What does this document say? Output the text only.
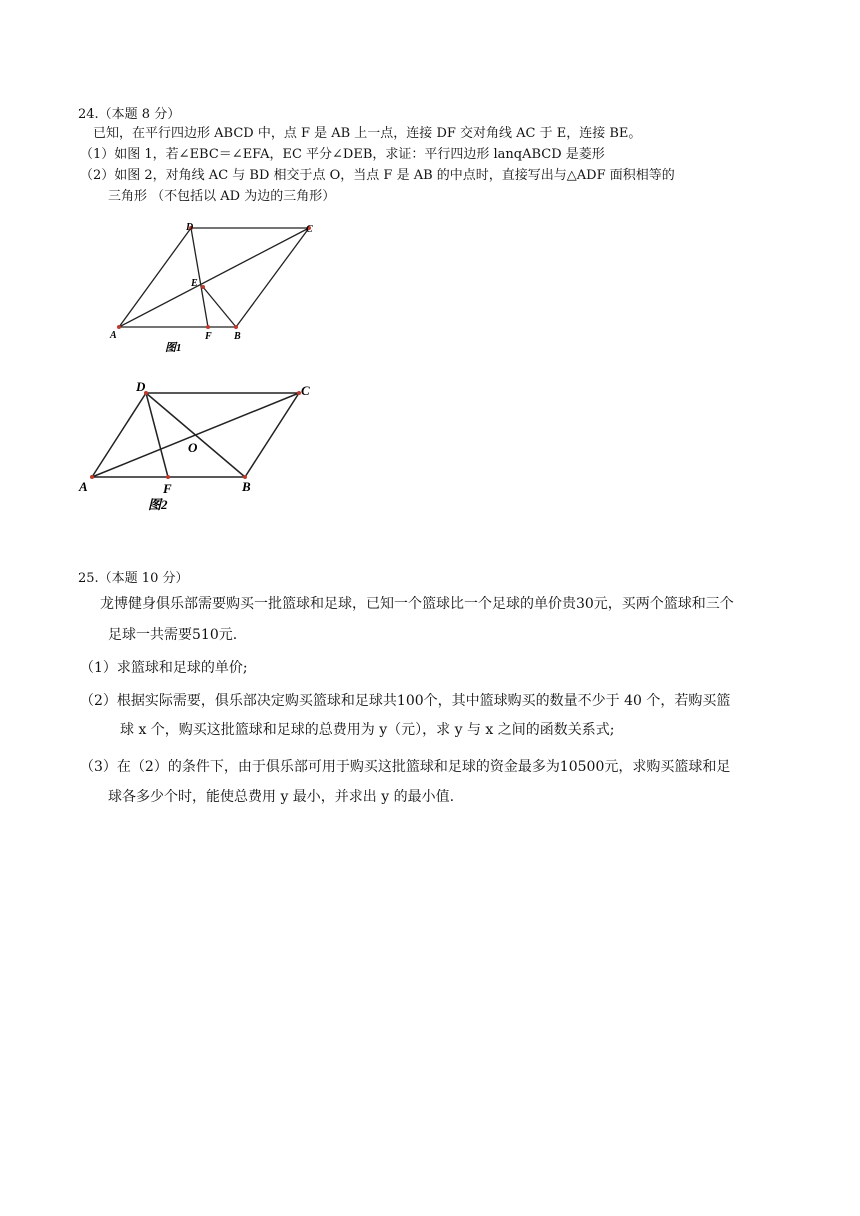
24.（本题 8 分）
已知，在平行四边形 ABCD 中，点 F 是 AB 上一点，连接 DF 交对角线 AC 于 E，连接 BE。
（1）如图 1，若∠EBC＝∠EFA，EC 平分∠DEB，求证：平行四边形 lanqABCD 是菱形
（2）如图 2，对角线 AC 与 BD 相交于点 O，当点 F 是 AB 的中点时，直接写出与△ADF 面积相等的
三角形 （不包括以 AD 为边的三角形）
D	C
E
A	F B
图1
D	C
O
A	F	B
图2
25.（本题 10 分）
龙博健身俱乐部需要购买一批篮球和足球，已知一个篮球比一个足球的单价贵30元，买两个篮球和三个
足球一共需要510元.
（1）求篮球和足球的单价;
（2）根据实际需要，俱乐部决定购买篮球和足球共100个，其中篮球购买的数量不少于 40 个，若购买篮
球 x 个，购买这批篮球和足球的总费用为 y（元），求 y 与 x 之间的函数关系式;
（3）在（2）的条件下，由于俱乐部可用于购买这批篮球和足球的资金最多为10500元，求购买篮球和足
球各多少个时，能使总费用 y 最小，并求出 y 的最小值.
